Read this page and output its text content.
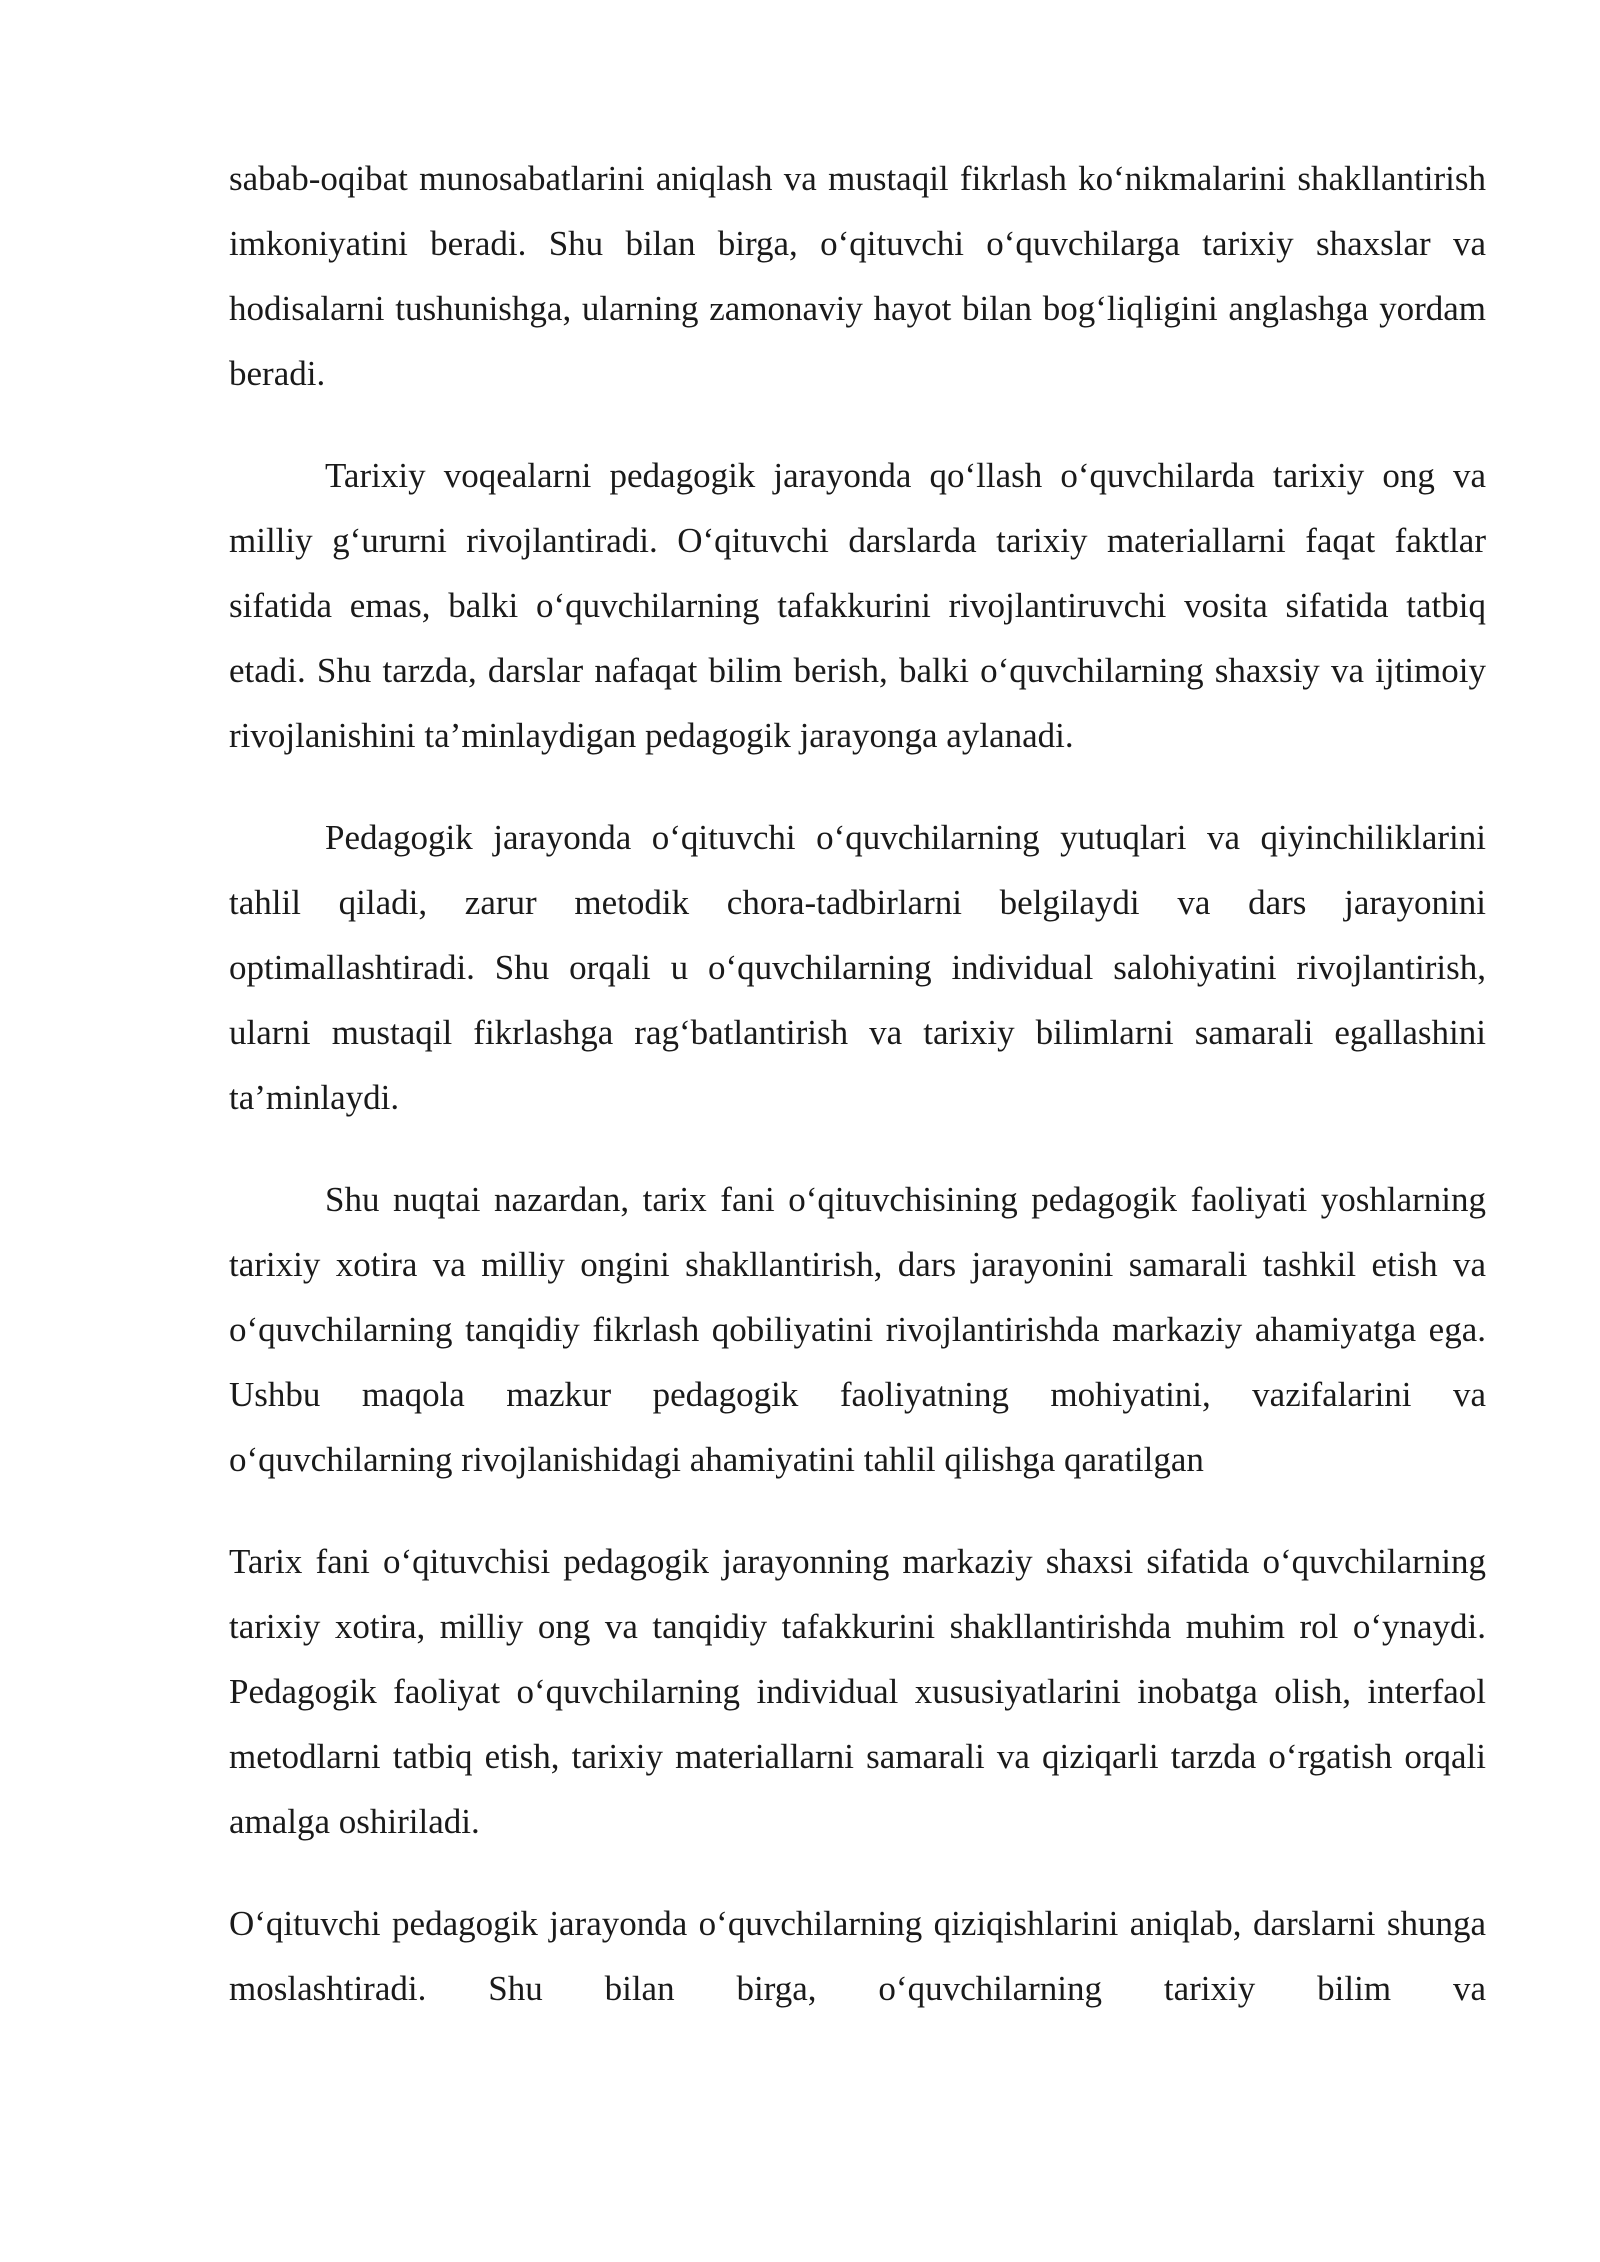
sabab-oqibat munosabatlarini aniqlash va mustaqil fikrlash ko‘nikmalarini shakllantirish imkoniyatini beradi. Shu bilan birga, o‘qituvchi o‘quvchilarga tarixiy shaxslar va hodisalarni tushunishga, ularning zamonaviy hayot bilan bog‘liqligini anglashga yordam beradi.

Tarixiy voqealarni pedagogik jarayonda qo‘llash o‘quvchilarda tarixiy ong va milliy g‘ururni rivojlantiradi. O‘qituvchi darslarda tarixiy materiallarni faqat faktlar sifatida emas, balki o‘quvchilarning tafakkurini rivojlantiruvchi vosita sifatida tatbiq etadi. Shu tarzda, darslar nafaqat bilim berish, balki o‘quvchilarning shaxsiy va ijtimoiy rivojlanishini ta’minlaydigan pedagogik jarayonga aylanadi.

Pedagogik jarayonda o‘qituvchi o‘quvchilarning yutuqlari va qiyinchiliklarini tahlil qiladi, zarur metodik chora-tadbirlarni belgilaydi va dars jarayonini optimallashtiradi. Shu orqali u o‘quvchilarning individual salohiyatini rivojlantirish, ularni mustaqil fikrlashga rag‘batlantirish va tarixiy bilimlarni samarali egallashini ta’minlaydi.

Shu nuqtai nazardan, tarix fani o‘qituvchisining pedagogik faoliyati yoshlarning tarixiy xotira va milliy ongini shakllantirish, dars jarayonini samarali tashkil etish va o‘quvchilarning tanqidiy fikrlash qobiliyatini rivojlantirishda markaziy ahamiyatga ega. Ushbu maqola mazkur pedagogik faoliyatning mohiyatini, vazifalarini va o‘quvchilarning rivojlanishidagi ahamiyatini tahlil qilishga qaratilgan

Tarix fani o‘qituvchisi pedagogik jarayonning markaziy shaxsi sifatida o‘quvchilarning tarixiy xotira, milliy ong va tanqidiy tafakkurini shakllantirishda muhim rol o‘ynaydi. Pedagogik faoliyat o‘quvchilarning individual xususiyatlarini inobatga olish, interfaol metodlarni tatbiq etish, tarixiy materiallarni samarali va qiziqarli tarzda o‘rgatish orqali amalga oshiriladi.

O‘qituvchi pedagogik jarayonda o‘quvchilarning qiziqishlarini aniqlab, darslarni shunga moslashtiradi. Shu bilan birga, o‘quvchilarning tarixiy bilim va
